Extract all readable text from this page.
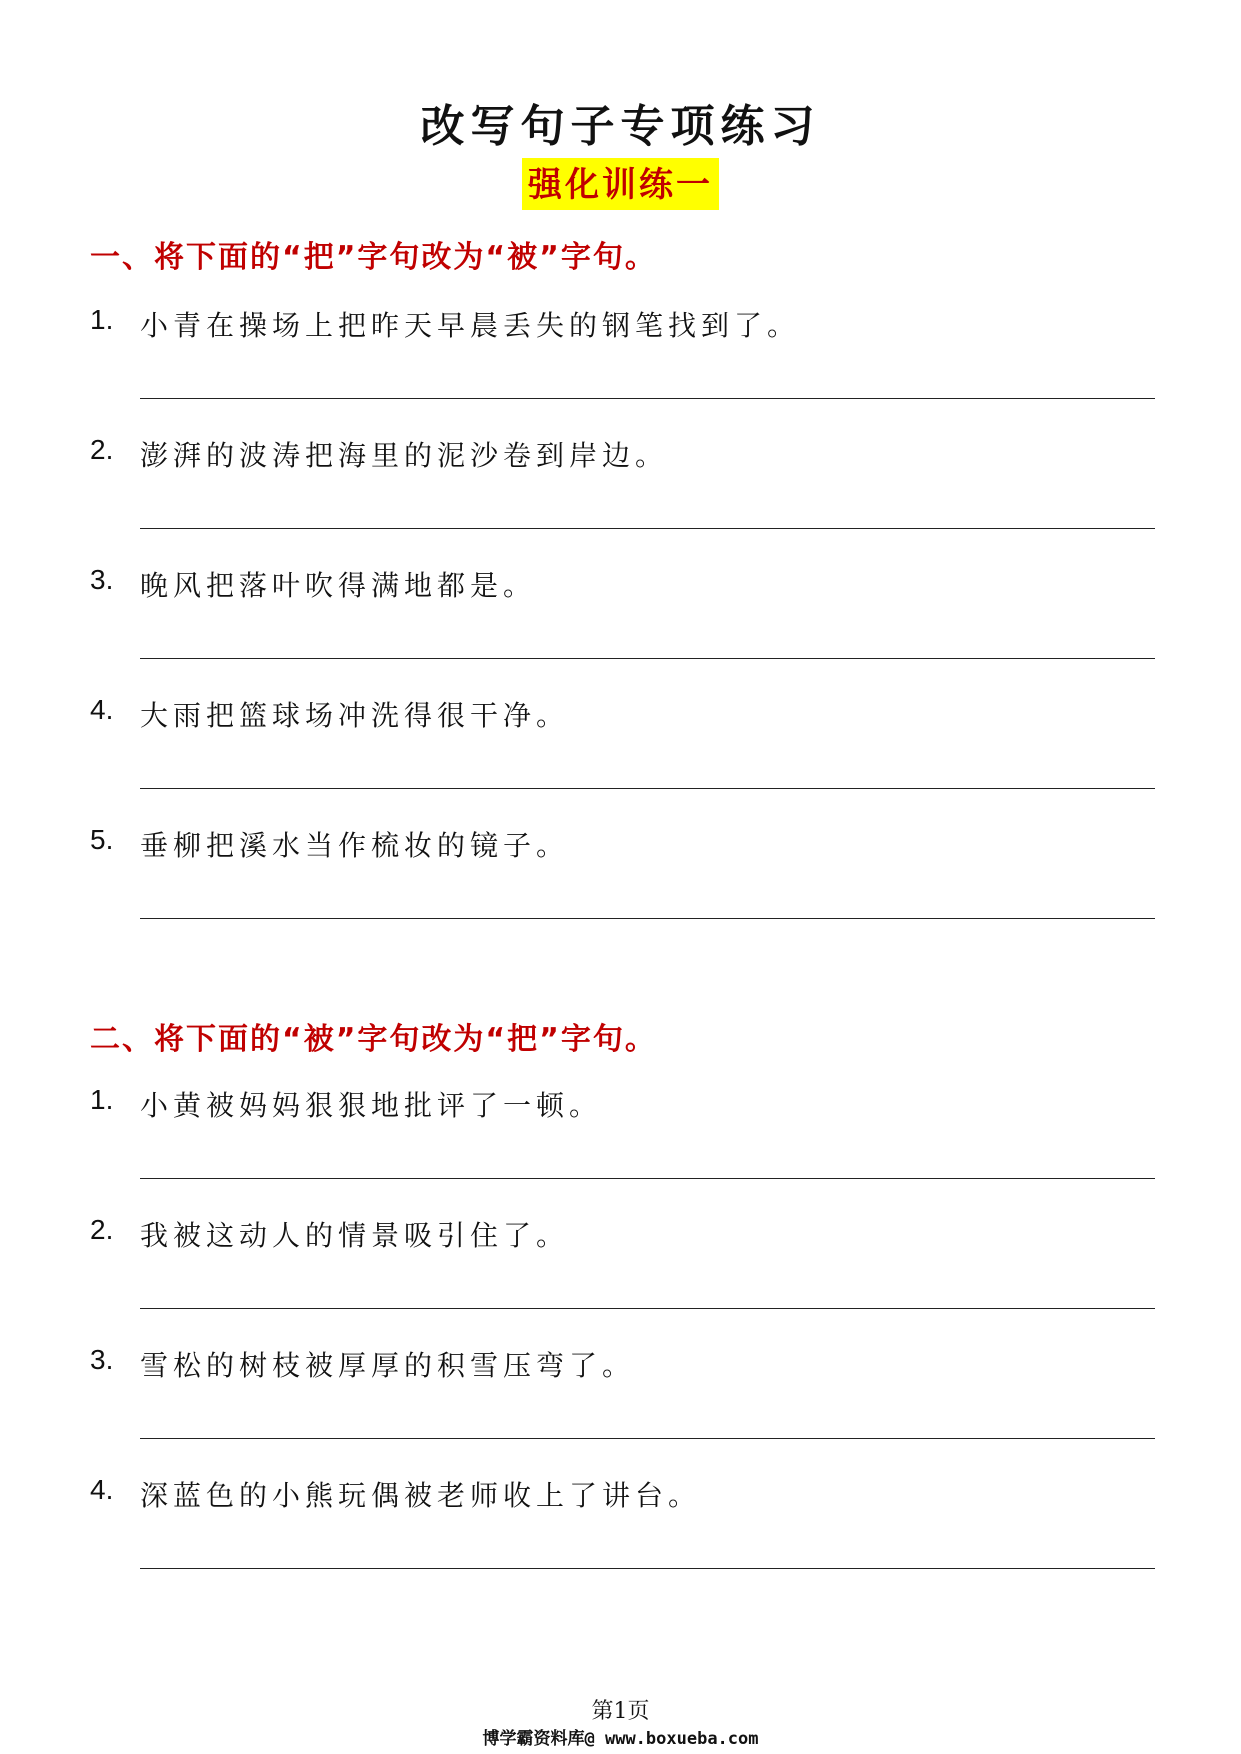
改写句子专项练习
强化训练一
一、将下面的“把”字句改为“被”字句。
1. 小青在操场上把昨天早晨丢失的钢笔找到了。
2. 澎湃的波涛把海里的泥沙卷到岸边。
3. 晚风把落叶吹得满地都是。
4. 大雨把篮球场冲洗得很干净。
5. 垂柳把溪水当作梳妆的镜子。
二、将下面的“被”字句改为“把”字句。
1. 小黄被妈妈狠狠地批评了一顿。
2. 我被这动人的情景吸引住了。
3. 雪松的树枝被厚厚的积雪压弯了。
4. 深蓝色的小熊玩偶被老师收上了讲台。
第1页
博学霸资料库@ www.boxueba.com
